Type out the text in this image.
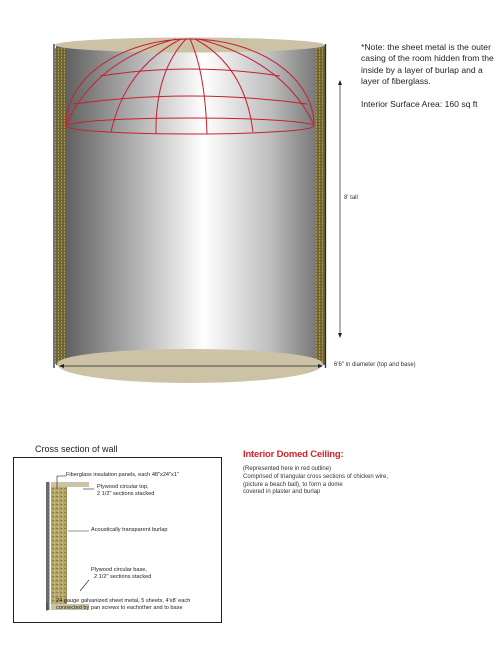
*Note: the sheet metal is the outer casing of the room hidden from the inside by a layer of burlap and a layer of fiberglass.

Interior Surface Area: 160 sq ft

8' tall
6'6" in diameter (top and base)
Cross section of wall
Fiberglass insulation panels, each 48"x24"x1"
Plywood circular top,
2 1/2" sections stacked
Acoustically transparent burlap
Plywood circular base,
2 1/2" sections stacked
24 gauge galvanized sheet metal, 5 sheets, 4'x8' each
connected by pan screws to eachother and to base
Interior Domed Ceiling:
(Represented here in red outline)
Comprised of triangular cross sections of chicken wire,
(picture a beach ball), to form a dome
covered in plaster and burlap
